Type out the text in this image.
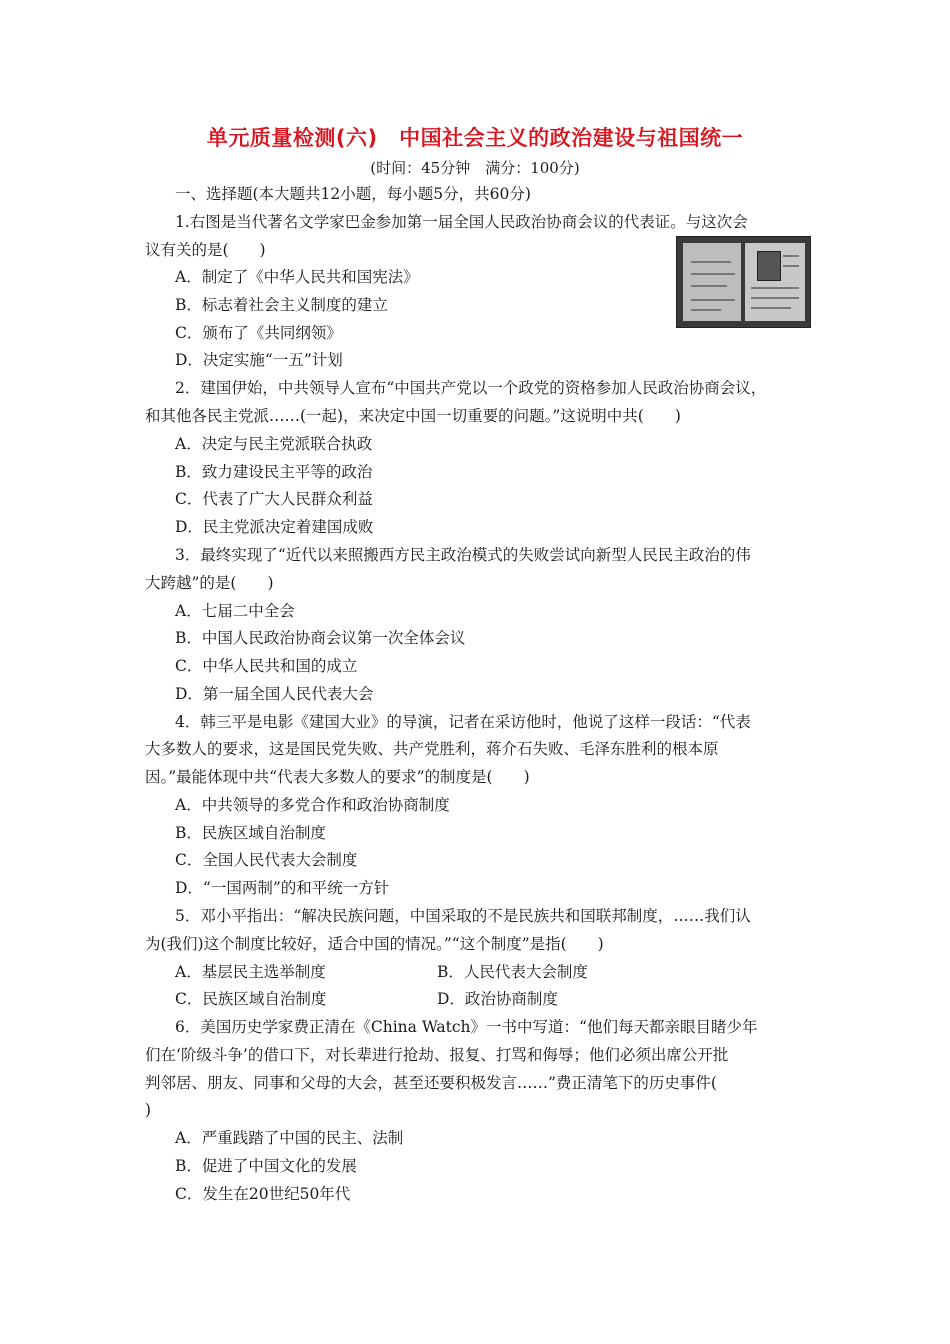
单元质量检测(六)　中国社会主义的政治建设与祖国统一
(时间：45分钟　满分：100分)
一、选择题(本大题共12小题，每小题5分，共60分)
1.右图是当代著名文学家巴金参加第一届全国人民政治协商会议的代表证。与这次会
议有关的是(　　)
A．制定了《中华人民共和国宪法》
B．标志着社会主义制度的建立
C．颁布了《共同纲领》
D．决定实施“一五”计划
2．建国伊始，中共领导人宣布“中国共产党以一个政党的资格参加人民政治协商会议，
和其他各民主党派……(一起)，来决定中国一切重要的问题。”这说明中共(　　)
A．决定与民主党派联合执政
B．致力建设民主平等的政治
C．代表了广大人民群众利益
D．民主党派决定着建国成败
3．最终实现了“近代以来照搬西方民主政治模式的失败尝试向新型人民民主政治的伟
大跨越”的是(　　)
A．七届二中全会
B．中国人民政治协商会议第一次全体会议
C．中华人民共和国的成立
D．第一届全国人民代表大会
4．韩三平是电影《建国大业》的导演，记者在采访他时，他说了这样一段话：“代表
大多数人的要求，这是国民党失败、共产党胜利，蒋介石失败、毛泽东胜利的根本原
因。”最能体现中共“代表大多数人的要求”的制度是(　　)
A．中共领导的多党合作和政治协商制度
B．民族区域自治制度
C．全国人民代表大会制度
D．“一国两制”的和平统一方针
5．邓小平指出：“解决民族问题，中国采取的不是民族共和国联邦制度，……我们认
为(我们)这个制度比较好，适合中国的情况。”“这个制度”是指(　　)
A．基层民主选举制度	B．人民代表大会制度
C．民族区域自治制度	D．政治协商制度
6．美国历史学家费正清在《China Watch》一书中写道：“他们每天都亲眼目睹少年
们在‘阶级斗争’的借口下，对长辈进行抢劫、报复、打骂和侮辱；他们必须出席公开批
判邻居、朋友、同事和父母的大会，甚至还要积极发言……”费正清笔下的历史事件(
)
A．严重践踏了中国的民主、法制
B．促进了中国文化的发展
C．发生在20世纪50年代
